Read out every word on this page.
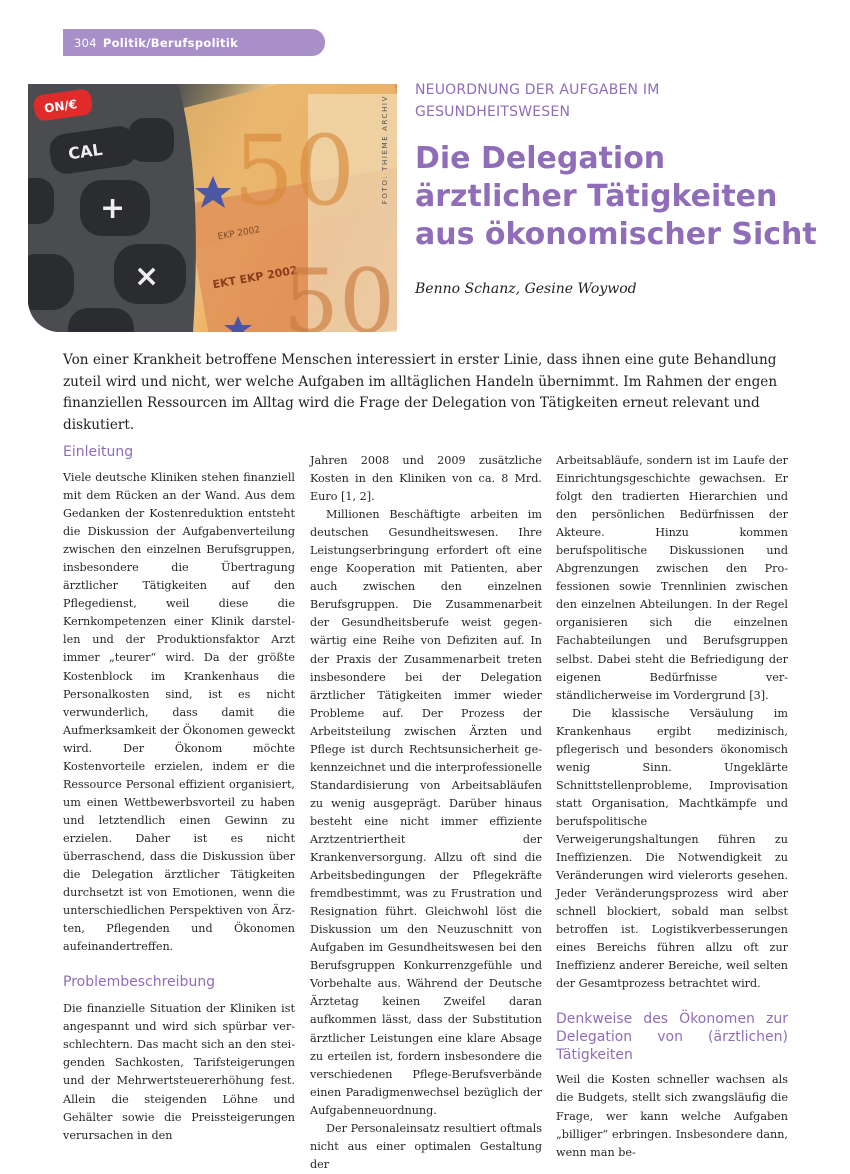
304 Politik/Berufspolitik
50
EKP 2002
EKT EKP 2002
50
ON/€
CAL
+
×
FOTO: THIEME ARCHIV
NEUORDNUNG DER AUFGABEN IM GESUNDHEITSWESEN
Die Delegation ärztlicher Tätigkeiten aus ökonomischer Sicht
Benno Schanz, Gesine Woywod

Von einer Krankheit betroffene Menschen interessiert in erster Linie, dass ihnen eine gute Behandlung zuteil wird und nicht, wer welche Aufgaben im alltäglichen Handeln übernimmt. Im Rahmen der engen finanziellen Ressourcen im Alltag wird die Frage der Delegation von Tätigkeiten erneut relevant und diskutiert.

Einleitung

Viele deutsche Kliniken stehen finanziell mit dem Rücken an der Wand. Aus dem Gedanken der Kostenreduktion entsteht die Diskussion der Aufgabenverteilung zwischen den einzelnen Berufsgruppen, insbesondere die Übertragung ärztlicher Tätigkeiten auf den Pflegedienst, weil diese die Kernkompetenzen einer Klinik darstellen und der Produktionsfaktor Arzt immer „teurer“ wird. Da der größte Kostenblock im Krankenhaus die Personalkosten sind, ist es nicht verwunderlich, dass damit die Aufmerksamkeit der Ökonomen geweckt wird. Der Ökonom möchte Kostenvorteile erzielen, indem er die Ressource Personal effizient organisiert, um einen Wettbewerbsvorteil zu haben und letztendlich einen Gewinn zu erzielen. Daher ist es nicht überraschend, dass die Diskussion über die Delegation ärztlicher Tätigkeiten durchsetzt ist von Emotionen, wenn die unterschiedlichen Perspektiven von Ärzten, Pflegenden und Ökonomen aufeinandertreffen.

Problembeschreibung

Die finanzielle Situation der Kliniken ist angespannt und wird sich spürbar verschlechtern. Das macht sich an den steigenden Sachkosten, Tarifsteigerungen und der Mehrwertsteuererhöhung fest. Allein die steigenden Löhne und Gehälter sowie die Preissteigerungen verursachen in den

Jahren 2008 und 2009 zusätzliche Kosten in den Kliniken von ca. 8 Mrd. Euro [1, 2].

Millionen Beschäftigte arbeiten im deutschen Gesundheitswesen. Ihre Leistungserbringung erfordert oft eine enge Kooperation mit Patienten, aber auch zwischen den einzelnen Berufsgruppen. Die Zusammenarbeit der Gesundheitsberufe weist gegenwärtig eine Reihe von Defiziten auf. In der Praxis der Zusammenarbeit treten insbesondere bei der Delegation ärztlicher Tätigkeiten immer wieder Probleme auf. Der Prozess der Arbeitsteilung zwischen Ärzten und Pflege ist durch Rechtsunsicherheit gekennzeichnet und die interprofessionelle Standardisierung von Arbeitsabläufen zu wenig ausgeprägt. Darüber hinaus besteht eine nicht immer effiziente Arztzentriertheit der Krankenversorgung. Allzu oft sind die Arbeitsbedingungen der Pflegekräfte fremdbestimmt, was zu Frustration und Resignation führt. Gleichwohl löst die Diskussion um den Neuzuschnitt von Aufgaben im Gesundheitswesen bei den Berufsgruppen Konkurrenzgefühle und Vorbehalte aus. Während der Deutsche Ärztetag keinen Zweifel daran aufkommen lässt, dass der Substitution ärztlicher Leistungen eine klare Absage zu erteilen ist, fordern insbesondere die verschiedenen Pflege-Berufsverbände einen Paradigmenwechsel bezüglich der Aufgabenneuordnung.

Der Personaleinsatz resultiert oftmals nicht aus einer optimalen Gestaltung der

Arbeitsabläufe, sondern ist im Laufe der Einrichtungsgeschichte gewachsen. Er folgt den tradierten Hierarchien und den persönlichen Bedürfnissen der Akteure. Hinzu kommen berufspolitische Diskussionen und Abgrenzungen zwischen den Professionen sowie Trennlinien zwischen den einzelnen Abteilungen. In der Regel organisieren sich die einzelnen Fachabteilungen und Berufsgruppen selbst. Dabei steht die Befriedigung der eigenen Bedürfnisse verständlicherweise im Vordergrund [3].

Die klassische Versäulung im Krankenhaus ergibt medizinisch, pflegerisch und besonders ökonomisch wenig Sinn. Ungeklärte Schnittstellenprobleme, Improvisation statt Organisation, Machtkämpfe und berufspolitische Verweigerungshaltungen führen zu Ineffizienzen. Die Notwendigkeit zu Veränderungen wird vielerorts gesehen. Jeder Veränderungsprozess wird aber schnell blockiert, sobald man selbst betroffen ist. Logistikverbesserungen eines Bereichs führen allzu oft zur Ineffizienz anderer Bereiche, weil selten der Gesamtprozess betrachtet wird.

Denkweise des Ökonomen zur Delegation von (ärztlichen) Tätigkeiten

Weil die Kosten schneller wachsen als die Budgets, stellt sich zwangsläufig die Frage, wer kann welche Aufgaben „billiger“ erbringen. Insbesondere dann, wenn man be-
